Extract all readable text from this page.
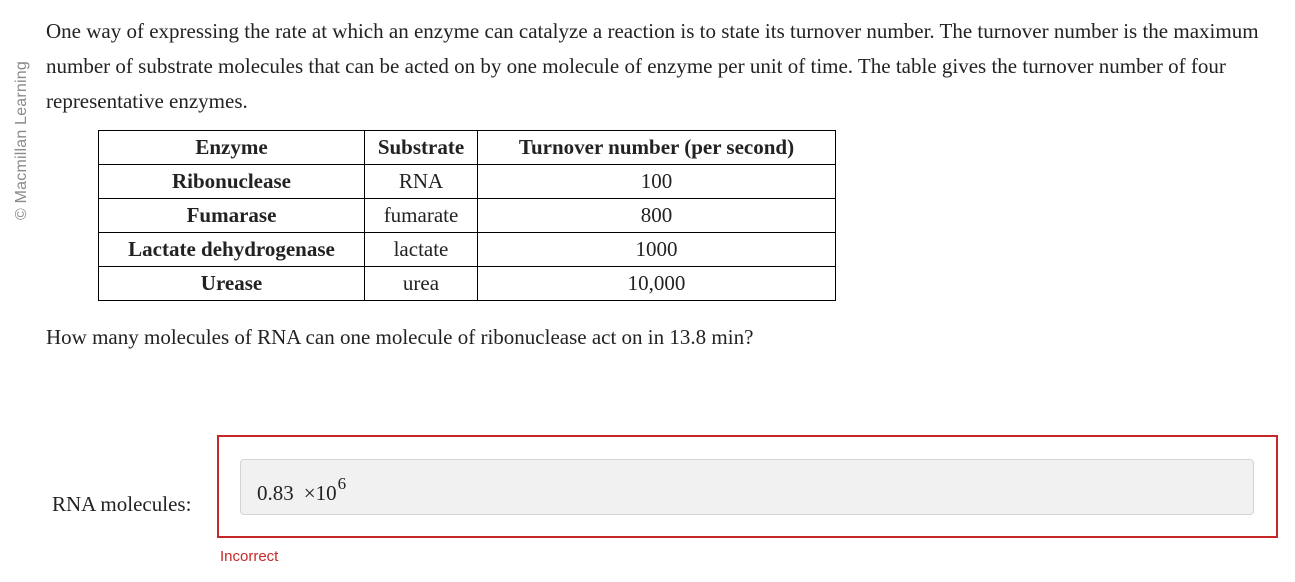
© Macmillan Learning

One way of expressing the rate at which an enzyme can catalyze a reaction is to state its turnover number. The turnover number is the maximum number of substrate molecules that can be acted on by one molecule of enzyme per unit of time. The table gives the turnover number of four representative enzymes.

Enzyme	Substrate	Turnover number (per second)
Ribonuclease	RNA	100
Fumarase	fumarate	800
Lactate dehydrogenase	lactate	1000
Urease	urea	10,000

How many molecules of RNA can one molecule of ribonuclease act on in 13.8 min?

RNA molecules:	$0.83 \times 10^6$
Incorrect
